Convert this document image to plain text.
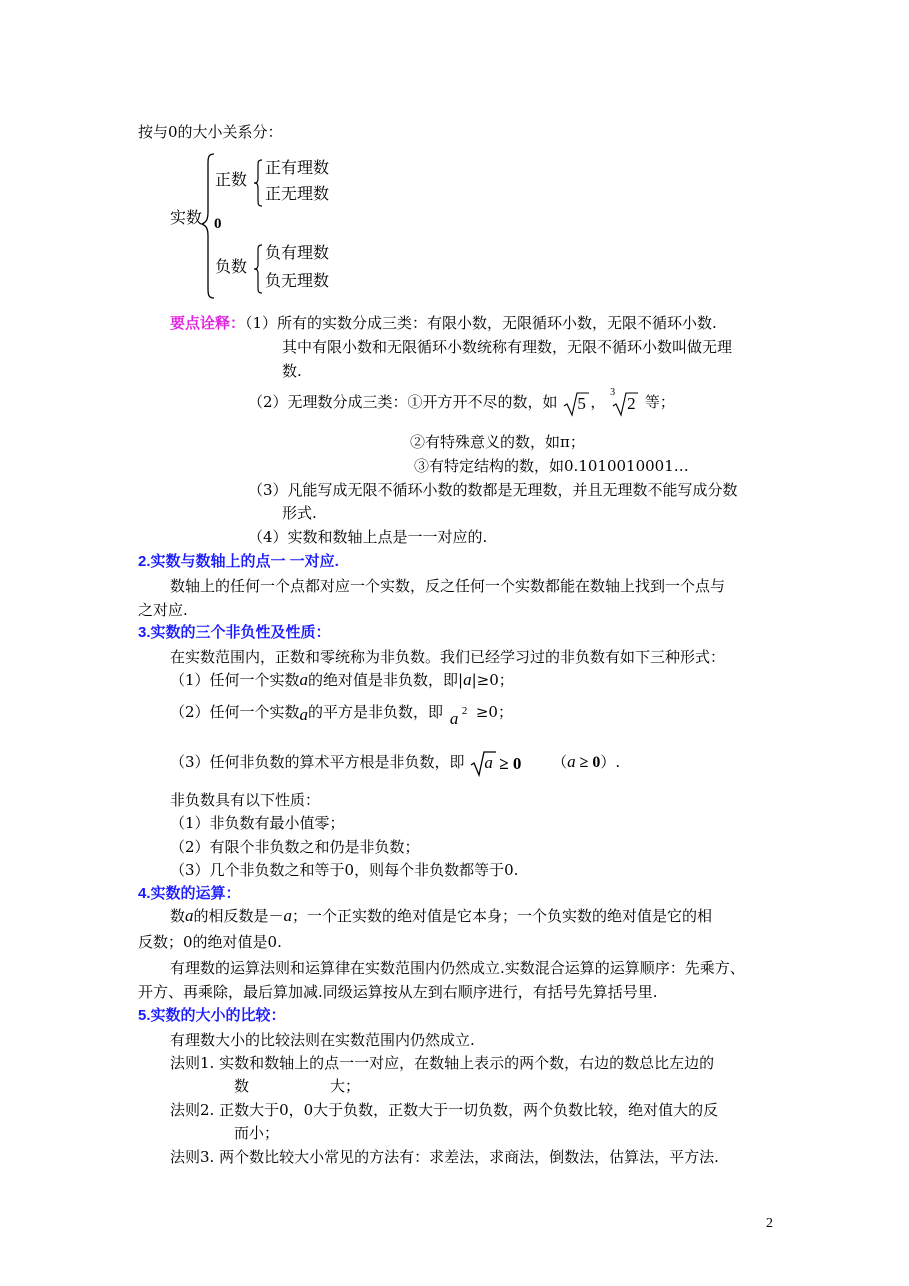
按与0的大小关系分：
实数
正数
正有理数
正无理数
0
负数
负有理数
负无理数
要点诠释：（1）所有的实数分成三类：有限小数，无限循环小数，无限不循环小数.
其中有限小数和无限循环小数统称有理数，无限不循环小数叫做无理
数.
（2）无理数分成三类：①开方开不尽的数，如 5 ，
3
2 等；
②有特殊意义的数，如π；
③有特定结构的数，如0.1010010001…
（3）凡能写成无限不循环小数的数都是无理数，并且无理数不能写成分数
形式.
（4）实数和数轴上点是一一对应的.
2.实数与数轴上的点一 一对应.
数轴上的任何一个点都对应一个实数，反之任何一个实数都能在数轴上找到一个点与
之对应.
3.实数的三个非负性及性质：
在实数范围内，正数和零统称为非负数。我们已经学习过的非负数有如下三种形式：
（1）任何一个实数a的绝对值是非负数，即|a|≥0；
（2）任何一个实数a的平方是非负数，即 a 2 ≥0；
（3）任何非负数的算术平方根是非负数，即 a ≥ 0 （a ≥ 0）.
非负数具有以下性质：
（1）非负数有最小值零；
（2）有限个非负数之和仍是非负数；
（3）几个非负数之和等于0，则每个非负数都等于0.
4.实数的运算：
数a的相反数是－a；一个正实数的绝对值是它本身；一个负实数的绝对值是它的相
反数；0的绝对值是0.
有理数的运算法则和运算律在实数范围内仍然成立.实数混合运算的运算顺序：先乘方、
开方、再乘除，最后算加减.同级运算按从左到右顺序进行，有括号先算括号里.
5.实数的大小的比较：
有理数大小的比较法则在实数范围内仍然成立.
法则1. 实数和数轴上的点一一对应，在数轴上表示的两个数，右边的数总比左边的
数	大；
法则2. 正数大于0，0大于负数，正数大于一切负数，两个负数比较，绝对值大的反
而小；
法则3. 两个数比较大小常见的方法有：求差法，求商法，倒数法，估算法，平方法.
2
